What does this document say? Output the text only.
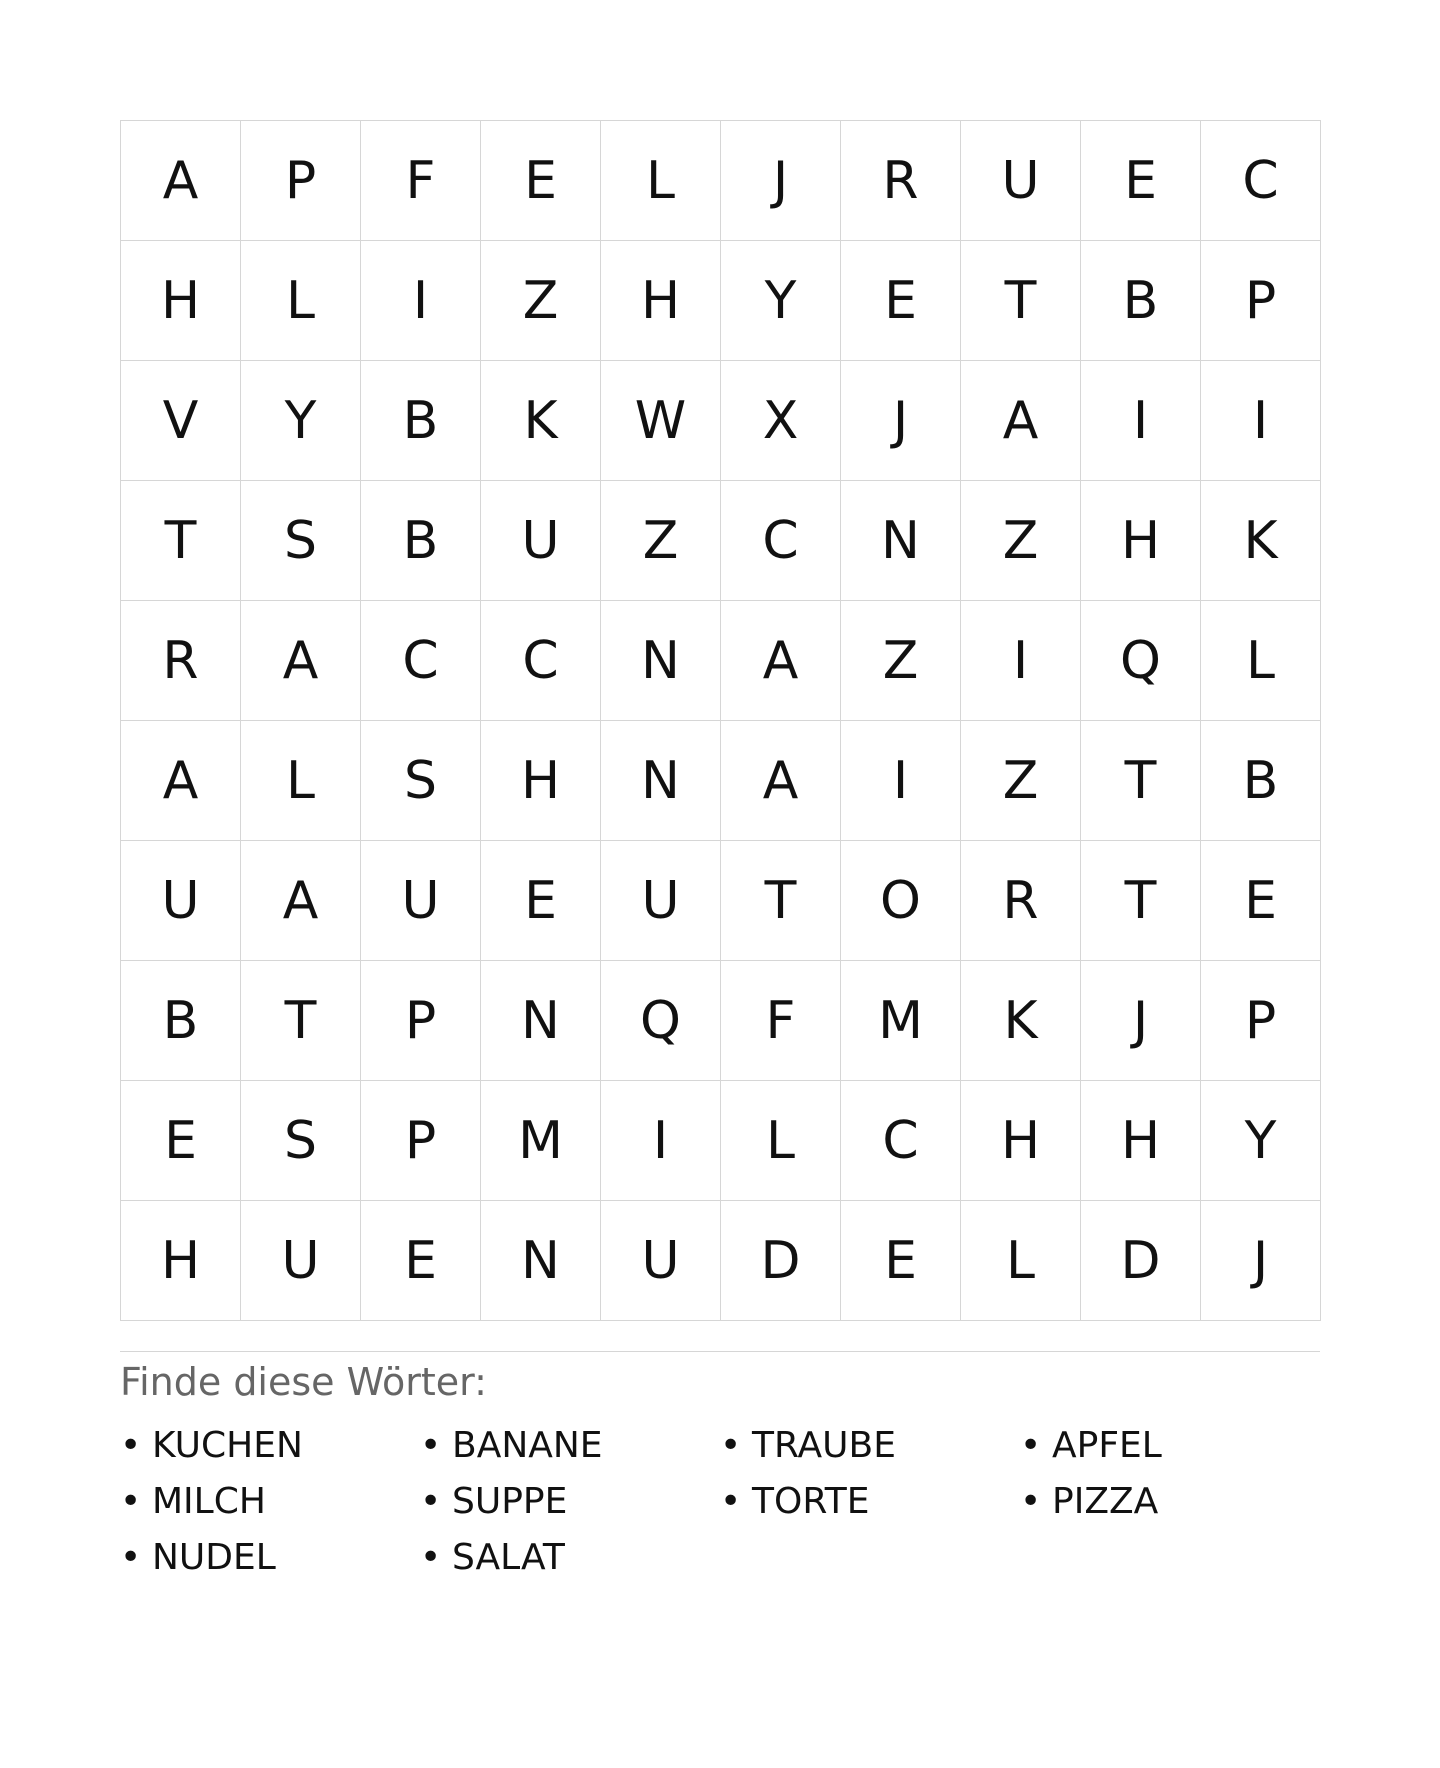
A	P	F	E	L	J	R	U	E	C
H	L	I	Z	H	Y	E	T	B	P
V	Y	B	K	W	X	J	A	I	I
T	S	B	U	Z	C	N	Z	H	K
R	A	C	C	N	A	Z	I	Q	L
A	L	S	H	N	A	I	Z	T	B
U	A	U	E	U	T	O	R	T	E
B	T	P	N	Q	F	M	K	J	P
E	S	P	M	I	L	C	H	H	Y
H	U	E	N	U	D	E	L	D	J
Finde diese Wörter:
• KUCHEN	• BANANE	• TRAUBE	• APFEL
• MILCH	• SUPPE	• TORTE	• PIZZA
• NUDEL	• SALAT
